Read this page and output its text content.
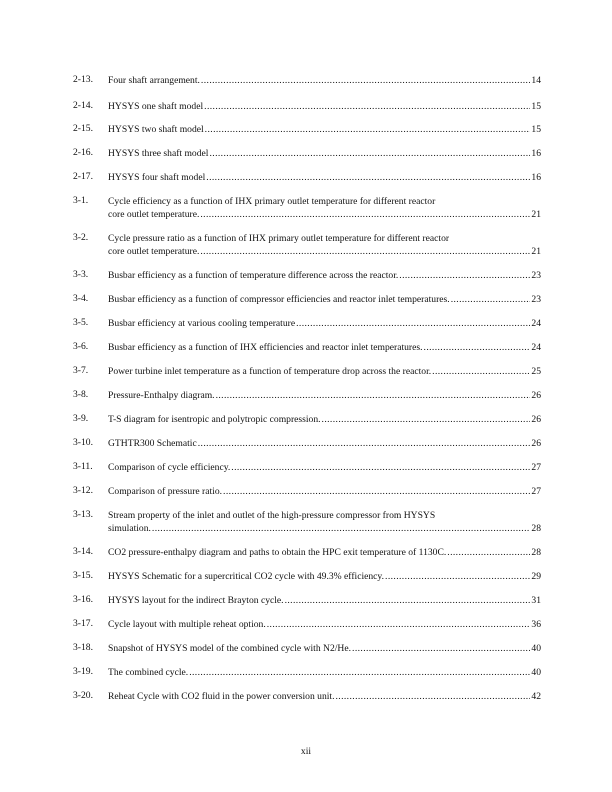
2-13. Four shaft arrangement. .....	14
2-14. HYSYS one shaft model .....	15
2-15. HYSYS two shaft model .....	15
2-16. HYSYS three shaft model .....	16
2-17. HYSYS four shaft model .....	16
3-1. Cycle efficiency as a function of IHX primary outlet temperature for different reactor
core outlet temperature. .....	21
3-2. Cycle pressure ratio as a function of IHX primary outlet temperature for different reactor
core outlet temperature. .....	21
3-3. Busbar efficiency as a function of temperature difference across the reactor. .....	23
3-4. Busbar efficiency as a function of compressor efficiencies and reactor inlet temperatures. .....	23
3-5. Busbar efficiency at various cooling temperature .....	24
3-6. Busbar efficiency as a function of IHX efficiencies and reactor inlet temperatures. .....	24
3-7. Power turbine inlet temperature as a function of temperature drop across the reactor. .....	25
3-8. Pressure-Enthalpy diagram. .....	26
3-9. T-S diagram for isentropic and polytropic compression. .....	26
3-10. GTHTR300 Schematic .....	26
3-11. Comparison of cycle efficiency. .....	27
3-12. Comparison of pressure ratio. .....	27
3-13. Stream property of the inlet and outlet of the high-pressure compressor from HYSYS
simulation. .....	28
3-14. CO2 pressure-enthalpy diagram and paths to obtain the HPC exit temperature of 1130C. .....	28
3-15. HYSYS Schematic for a supercritical CO2 cycle with 49.3% efficiency. .....	29
3-16. HYSYS layout for the indirect Brayton cycle. .....	31
3-17. Cycle layout with multiple reheat option. .....	36
3-18. Snapshot of HYSYS model of the combined cycle with N2/He. .....	40
3-19. The combined cycle. .....	40
3-20. Reheat Cycle with CO2 fluid in the power conversion unit. .....	42
xii
